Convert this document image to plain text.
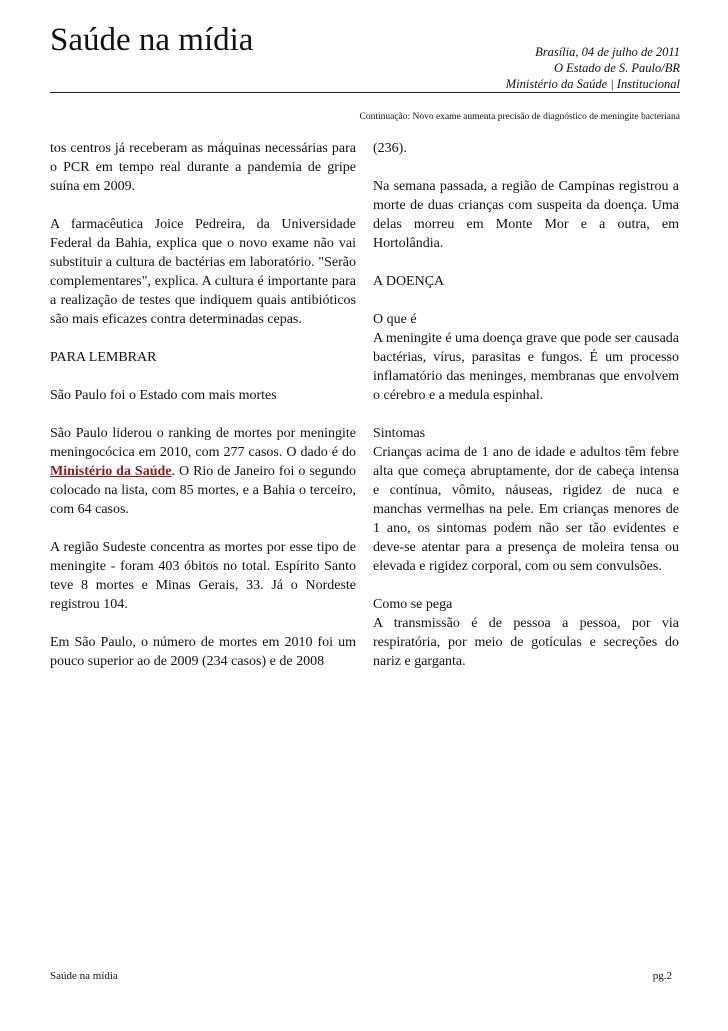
Saúde na mídia	Brasília, 04 de julho de 2011
O Estado de S. Paulo/BR
Ministério da Saúde | Institucional
Continuação: Novo exame aumenta precisão de diagnóstico de meningite bacteriana

tos centros já receberam as máquinas necessárias para o PCR em tempo real durante a pandemia de gripe suína em 2009.

A farmacêutica Joice Pedreira, da Universidade Federal da Bahia, explica que o novo exame não vai substituir a cultura de bactérias em laboratório. "Serão complementares", explica. A cultura é importante para a realização de testes que indiquem quais antibióticos são mais eficazes contra determinadas cepas.

PARA LEMBRAR

São Paulo foi o Estado com mais mortes

São Paulo liderou o ranking de mortes por meningite meningocócica em 2010, com 277 casos. O dado é do Ministério da Saúde. O Rio de Janeiro foi o segundo colocado na lista, com 85 mortes, e a Bahia o terceiro, com 64 casos.

A região Sudeste concentra as mortes por esse tipo de meningite - foram 403 óbitos no total. Espírito Santo teve 8 mortes e Minas Gerais, 33. Já o Nordeste registrou 104.

Em São Paulo, o número de mortes em 2010 foi um pouco superior ao de 2009 (234 casos) e de 2008

(236).

Na semana passada, a região de Campinas registrou a morte de duas crianças com suspeita da doença. Uma delas morreu em Monte Mor e a outra, em Hortolândia.

A DOENÇA

O que é

A meningite é uma doença grave que pode ser causada bactérias, vírus, parasitas e fungos. É um processo inflamatório das meninges, membranas que envolvem o cérebro e a medula espinhal.

Sintomas

Crianças acima de 1 ano de idade e adultos têm febre alta que começa abruptamente, dor de cabeça intensa e contínua, vômito, náuseas, rigidez de nuca e manchas vermelhas na pele. Em crianças menores de 1 ano, os sintomas podem não ser tão evidentes e deve-se atentar para a presença de moleira tensa ou elevada e rigidez corporal, com ou sem convulsões.

Como se pega

A transmissão é de pessoa a pessoa, por via respiratória, por meio de gotículas e secreções do nariz e garganta.

Saúde na mídia	pg.2
